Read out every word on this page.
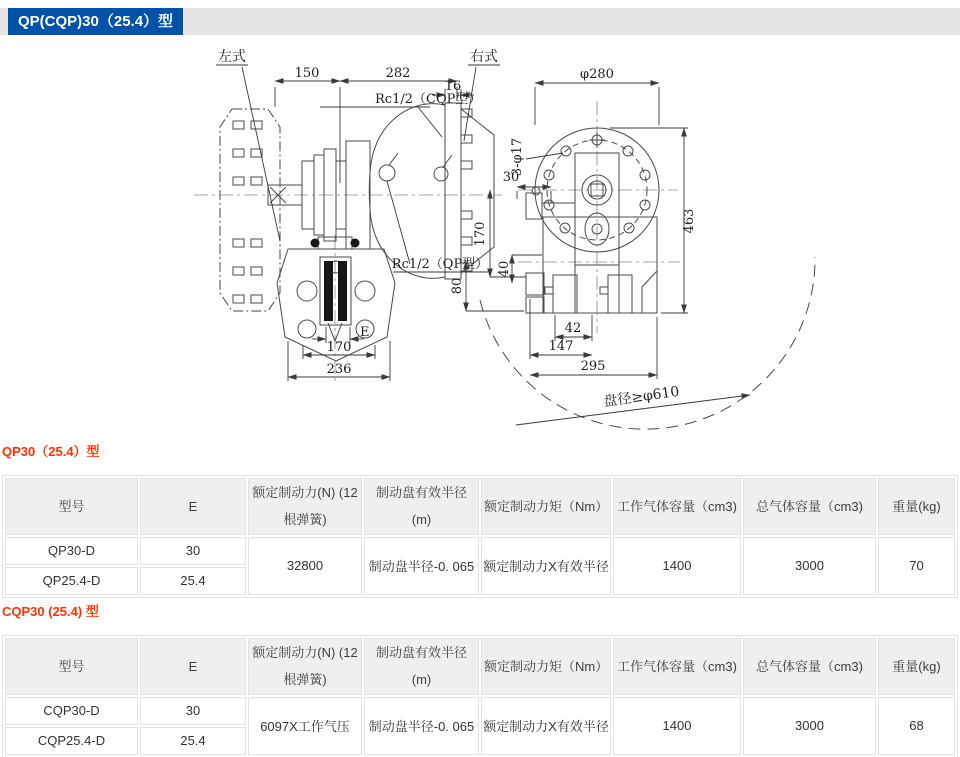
QP(CQP)30（25.4）型
左式	右式
150	282
16
Rc1/2（CQP型）
Rc1/2（QP型）
E
170
236
φ280
3-φ17
30
463
170
40
80
42
147
295
盘径≥φ610
QP30（25.4）型
型号	E	额定制动力(N) (12根弹簧)	制动盘有效半径(m)	额定制动力矩（Nm）	工作气体容量（cm3)	总气体容量（cm3)	重量(kg)
QP30-D	30	32800	制动盘半径-0. 065	额定制动力X有效半径	1400	3000	70
QP25.4-D	25.4						
CQP30 (25.4) 型
型号	E	额定制动力(N) (12根弹簧)	制动盘有效半径(m)	额定制动力矩（Nm）	工作气体容量（cm3)	总气体容量（cm3)	重量(kg)
CQP30-D	30	6097X工作气压	制动盘半径-0. 065	额定制动力X有效半径	1400	3000	68
CQP25.4-D	25.4						
